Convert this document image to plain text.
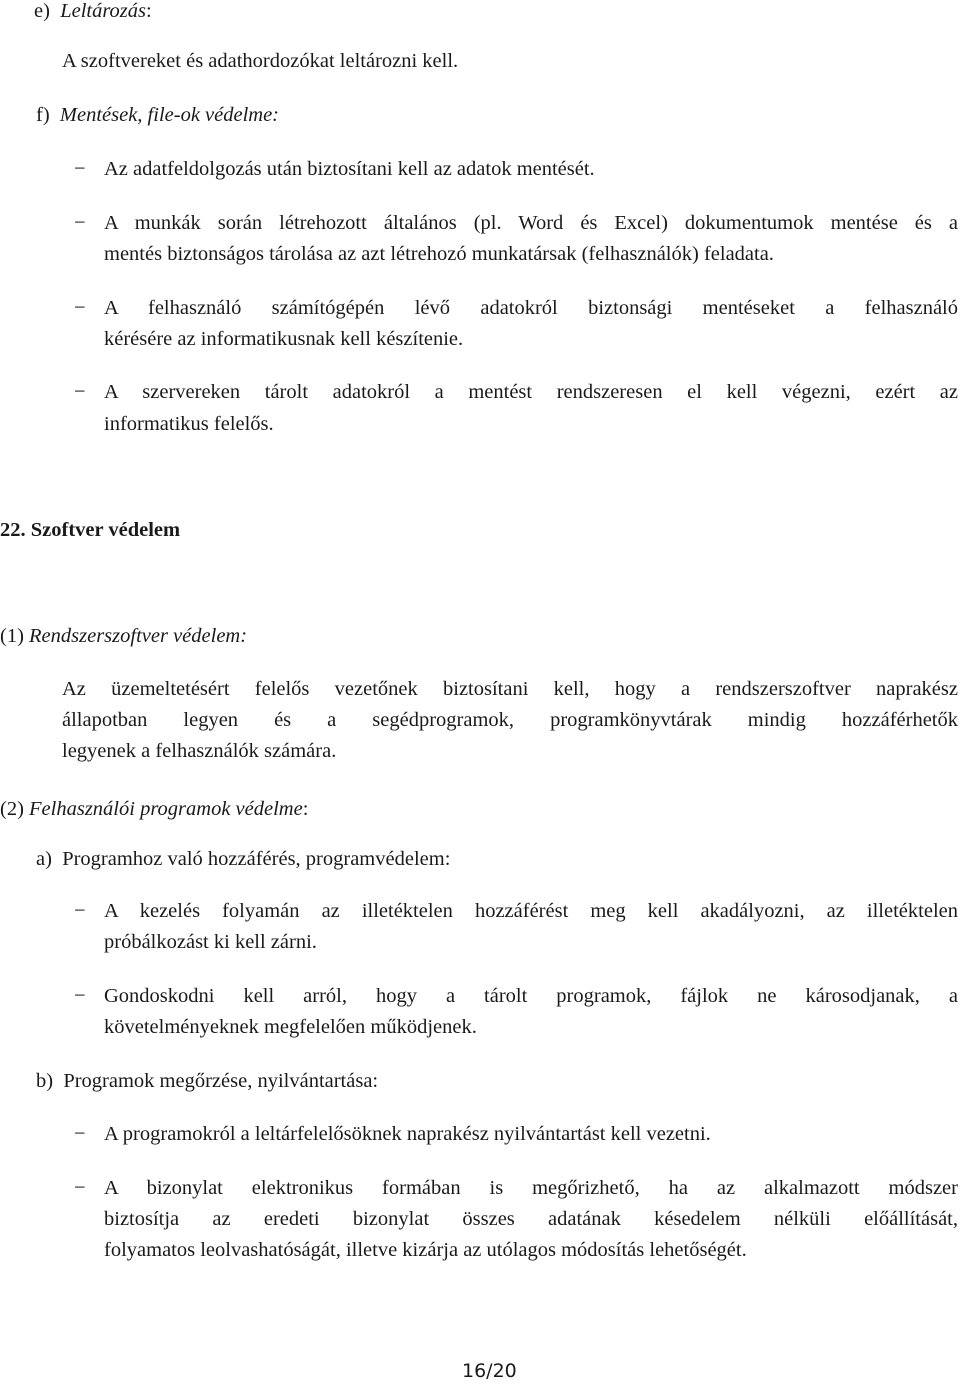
e) Leltározás:
A szoftvereket és adathordozókat leltározni kell.
f) Mentések, file-ok védelme:
−
Az adatfeldolgozás után biztosítani kell az adatok mentését.
−
A munkák során létrehozott általános (pl. Word és Excel) dokumentumok mentése és a
mentés biztonságos tárolása az azt létrehozó munkatársak (felhasználók) feladata.
−
A felhasználó számítógépén lévő adatokról biztonsági mentéseket a felhasználó
kérésére az informatikusnak kell készítenie.
−
A szervereken tárolt adatokról a mentést rendszeresen el kell végezni, ezért az
informatikus felelős.
22. Szoftver védelem
(1) Rendszerszoftver védelem:
Az üzemeltetésért felelős vezetőnek biztosítani kell, hogy a rendszerszoftver naprakész
állapotban legyen és a segédprogramok, programkönyvtárak mindig hozzáférhetők
legyenek a felhasználók számára.
(2) Felhasználói programok védelme:
a) Programhoz való hozzáférés, programvédelem:
−
A kezelés folyamán az illetéktelen hozzáférést meg kell akadályozni, az illetéktelen
próbálkozást ki kell zárni.
−
Gondoskodni kell arról, hogy a tárolt programok, fájlok ne károsodjanak, a
követelményeknek megfelelően működjenek.
b) Programok megőrzése, nyilvántartása:
−
A programokról a leltárfelelősöknek naprakész nyilvántartást kell vezetni.
−
A bizonylat elektronikus formában is megőrizhető, ha az alkalmazott módszer
biztosítja az eredeti bizonylat összes adatának késedelem nélküli előállítását,
folyamatos leolvashatóságát, illetve kizárja az utólagos módosítás lehetőségét.
16/20
